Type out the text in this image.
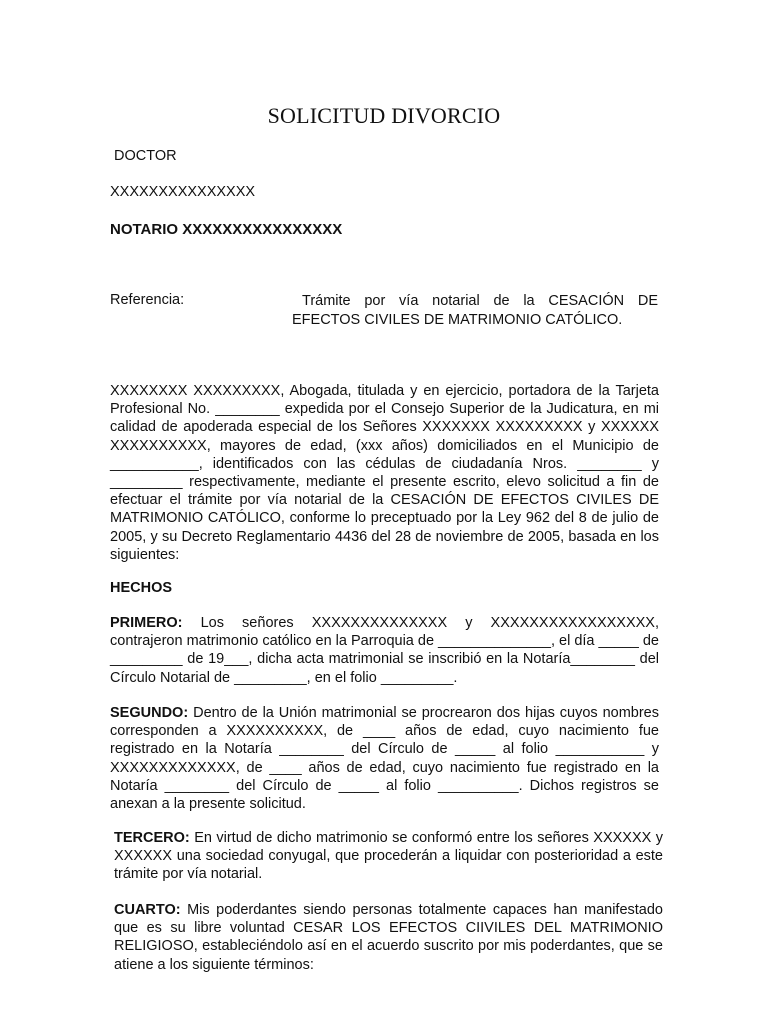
SOLICITUD DIVORCIO
DOCTOR
XXXXXXXXXXXXXXX
NOTARIO XXXXXXXXXXXXXXXX
Referencia:	Trámite por vía notarial de la CESACIÓN DE
EFECTOS CIVILES DE MATRIMONIO CATÓLICO.
XXXXXXXX XXXXXXXXX, Abogada, titulada y en ejercicio, portadora de la Tarjeta Profesional No. ________ expedida por el Consejo Superior de la Judicatura, en mi calidad de apoderada especial de los Señores XXXXXXX XXXXXXXXX y XXXXXX XXXXXXXXXX, mayores de edad, (xxx años) domiciliados en el Municipio de ___________, identificados con las cédulas de ciudadanía Nros. ________ y _________ respectivamente, mediante el presente escrito, elevo solicitud a fin de efectuar el trámite por vía notarial de la CESACIÓN DE EFECTOS CIVILES DE MATRIMONIO CATÓLICO, conforme lo preceptuado por la Ley 962 del 8 de julio de 2005, y su Decreto Reglamentario 4436 del 28 de noviembre de 2005, basada en los siguientes:
HECHOS
PRIMERO: Los señores XXXXXXXXXXXXXX y XXXXXXXXXXXXXXXXX, contrajeron matrimonio católico en la Parroquia de ______________, el día _____ de _________ de 19___, dicha acta matrimonial se inscribió en la Notaría________ del Círculo Notarial de _________, en el folio _________.
SEGUNDO: Dentro de la Unión matrimonial se procrearon dos hijas cuyos nombres corresponden a XXXXXXXXXX, de ____ años de edad, cuyo nacimiento fue registrado en la Notaría ________ del Círculo de _____ al folio ___________ y XXXXXXXXXXXXX, de ____ años de edad, cuyo nacimiento fue registrado en la Notaría ________ del Círculo de _____ al folio __________. Dichos registros se anexan a la presente solicitud.
TERCERO: En virtud de dicho matrimonio se conformó entre los señores XXXXXX y XXXXXX una sociedad conyugal, que procederán a liquidar con posterioridad a este trámite por vía notarial.
CUARTO: Mis poderdantes siendo personas totalmente capaces han manifestado que es su libre voluntad CESAR LOS EFECTOS CIIVILES DEL MATRIMONIO RELIGIOSO, estableciéndolo así en el acuerdo suscrito por mis poderdantes, que se atiene a los siguiente términos:
